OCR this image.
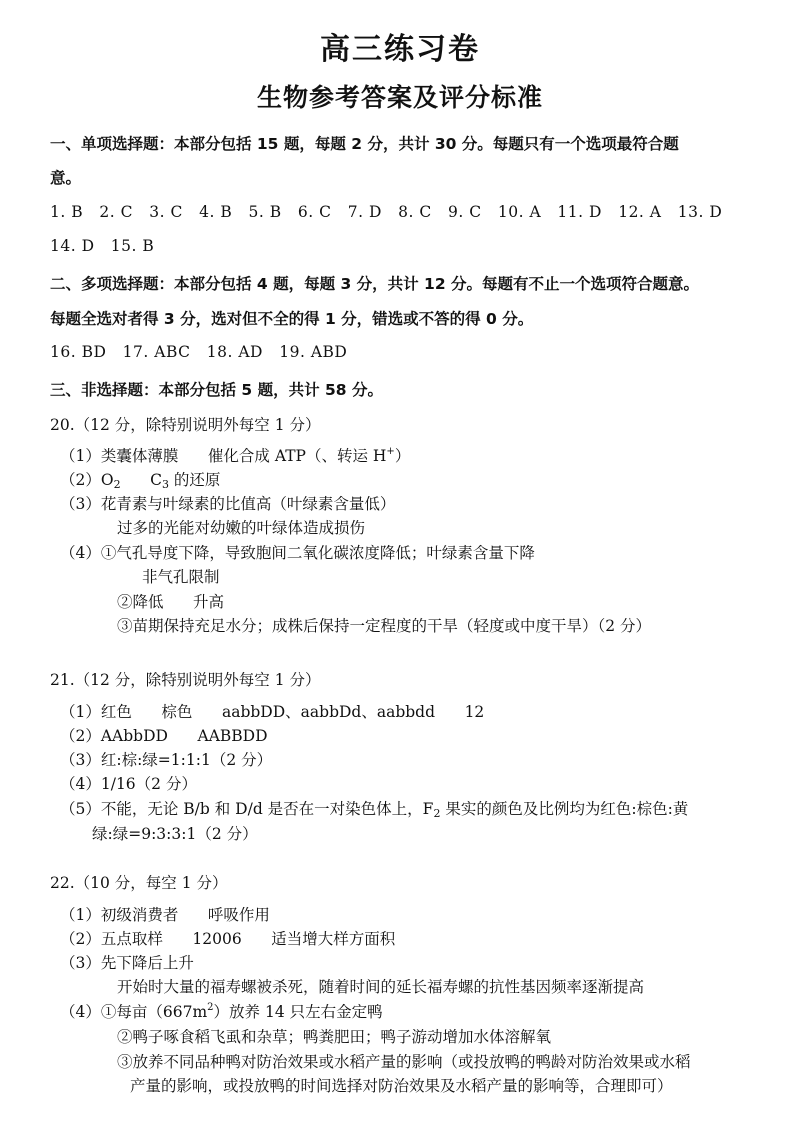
高三练习卷
生物参考答案及评分标准
一、单项选择题：本部分包括 15 题，每题 2 分，共计 30 分。每题只有一个选项最符合题
意。
1. B   2. C   3. C   4. B   5. B   6. C   7. D   8. C   9. C   10. A   11. D   12. A   13. D
14. D   15. B
二、多项选择题：本部分包括 4 题，每题 3 分，共计 12 分。每题有不止一个选项符合题意。
每题全选对者得 3 分，选对但不全的得 1 分，错选或不答的得 0 分。
16. BD   17. ABC   18. AD   19. ABD
三、非选择题：本部分包括 5 题，共计 58 分。
20.（12 分，除特别说明外每空 1 分）
（1）类囊体薄膜      催化合成 ATP（、转运 H+）
$(2)O_2$      $C_3$ 的还原
（3）花青素与叶绿素的比值高（叶绿素含量低）
过多的光能对幼嫩的叶绿体造成损伤
（4）①气孔导度下降，导致胞间二氧化碳浓度降低；叶绿素含量下降
非气孔限制
②降低      升高
③苗期保持充足水分；成株后保持一定程度的干旱（轻度或中度干旱）（2 分）
21.（12 分，除特别说明外每空 1 分）
（1）红色      棕色      aabbDD、aabbDd、aabbdd      12
（2）AAbbDD      AABBDD
（3）红:棕:绿=1:1:1（2 分）
（4）1/16（2 分）
（5）不能，无论 B/b 和 D/d 是否在一对染色体上，$F_2$ 果实的颜色及比例均为红色:棕色:黄
绿:绿=9:3:3:1（2 分）
22.（10 分，每空 1 分）
（1）初级消费者      呼吸作用
（2）五点取样      12006      适当增大样方面积
（3）先下降后上升
开始时大量的福寿螺被杀死，随着时间的延长福寿螺的抗性基因频率逐渐提高
（4）①每亩$(667m^2)$放养 14 只左右金定鸭
②鸭子啄食稻飞虱和杂草；鸭粪肥田；鸭子游动增加水体溶解氧
③放养不同品种鸭对防治效果或水稻产量的影响（或投放鸭的鸭龄对防治效果或水稻
产量的影响，或投放鸭的时间选择对防治效果及水稻产量的影响等，合理即可）
